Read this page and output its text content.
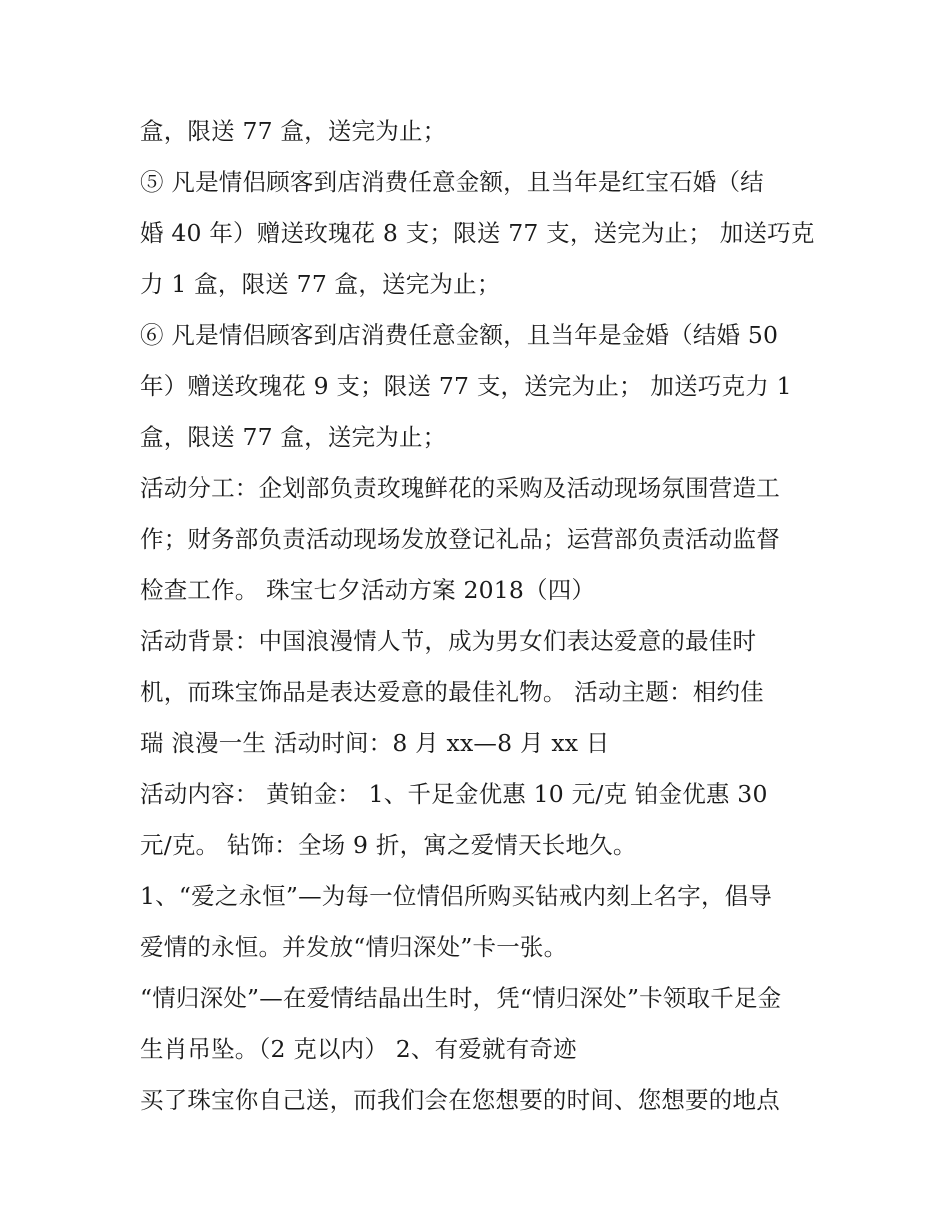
盒，限送 77 盒，送完为止；
⑤ 凡是情侣顾客到店消费任意金额，且当年是红宝石婚（结
婚 40 年）赠送玫瑰花 8 支；限送 77 支，送完为止； 加送巧克
力 1 盒，限送 77 盒，送完为止；
⑥ 凡是情侣顾客到店消费任意金额，且当年是金婚（结婚 50
年）赠送玫瑰花 9 支；限送 77 支，送完为止； 加送巧克力 1
盒，限送 77 盒，送完为止；
活动分工：企划部负责玫瑰鲜花的采购及活动现场氛围营造工
作；财务部负责活动现场发放登记礼品；运营部负责活动监督
检查工作。 珠宝七夕活动方案 2018（四）
活动背景：中国浪漫情人节，成为男女们表达爱意的最佳时
机，而珠宝饰品是表达爱意的最佳礼物。 活动主题：相约佳
瑞 浪漫一生 活动时间：8 月 xx—8 月 xx 日
活动内容： 黄铂金： 1、千足金优惠 10 元/克 铂金优惠 30
元/克。 钻饰：全场 9 折，寓之爱情天长地久。
1、“爱之永恒”—为每一位情侣所购买钻戒内刻上名字，倡导
爱情的永恒。并发放“情归深处”卡一张。
“情归深处”—在爱情结晶出生时，凭“情归深处”卡领取千足金
生肖吊坠。（2 克以内） 2、有爱就有奇迹
买了珠宝你自己送，而我们会在您想要的时间、您想要的地点
